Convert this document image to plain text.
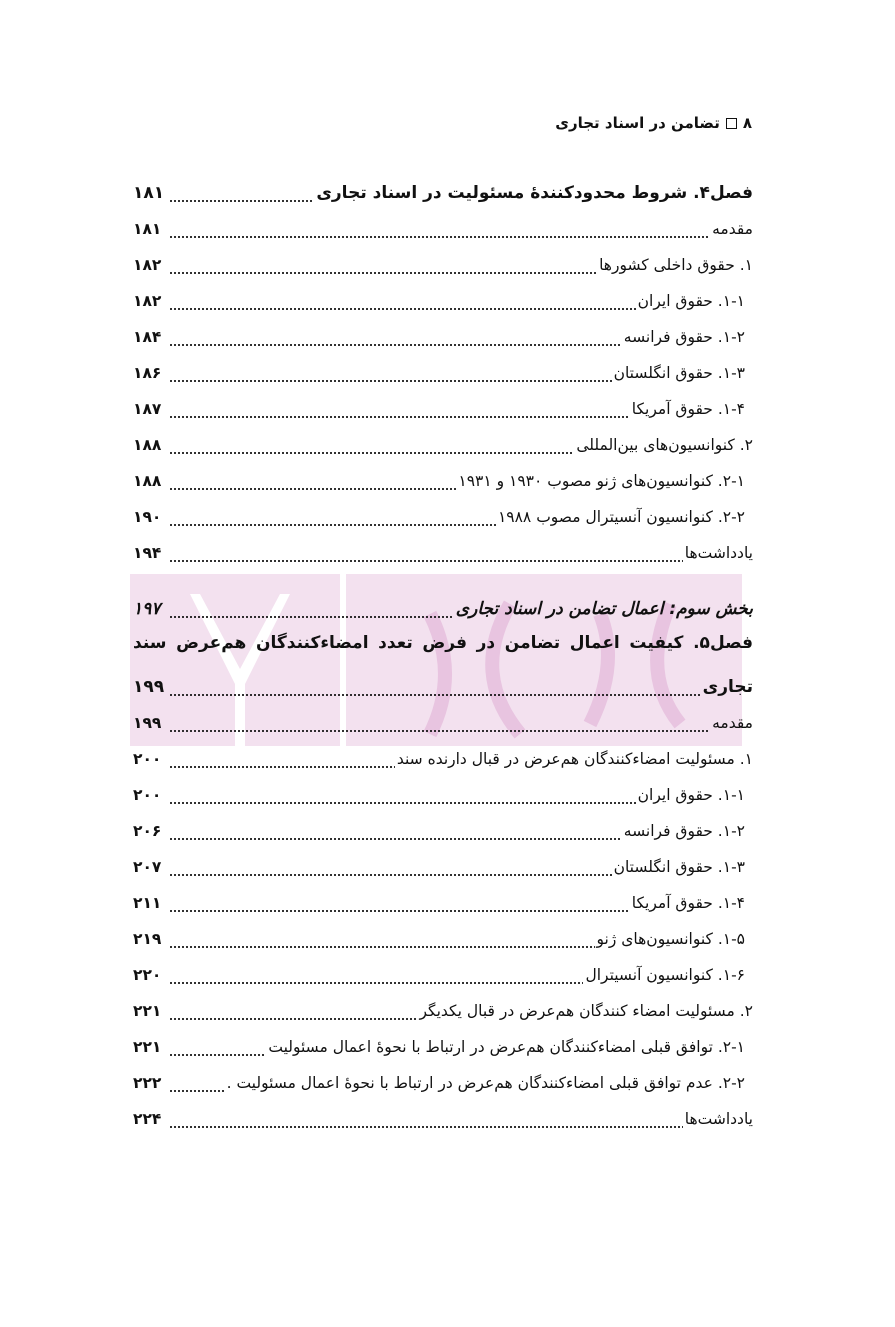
۸
تضامن در اسناد تجاری
فصل۴. شروط محدودکنندهٔ مسئولیت در اسناد تجاری
۱۸۱
مقدمه
۱۸۱
۱. حقوق داخلی کشورها
۱۸۲
۱-۱. حقوق ایران
۱۸۲
۱-۲. حقوق فرانسه
۱۸۴
۱-۳. حقوق انگلستان
۱۸۶
۱-۴. حقوق آمریکا
۱۸۷
۲. کنوانسیون‌های بین‌المللی
۱۸۸
۲-۱. کنوانسیون‌های ژنو مصوب ۱۹۳۰ و ۱۹۳۱
۱۸۸
۲-۲. کنوانسیون آنسیترال مصوب ۱۹۸۸
۱۹۰
یادداشت‌ها
۱۹۴
بخش سوم: اعمال تضامن در اسناد تجاری
۱۹۷
فصل۵. کیفیت اعمال تضامن در فرض تعدد امضاءکنندگان هم‌عرض سند
تجاری
۱۹۹
مقدمه
۱۹۹
۱. مسئولیت امضاءکنندگان هم‌عرض در قبال دارنده سند
۲۰۰
۱-۱. حقوق ایران
۲۰۰
۱-۲. حقوق فرانسه
۲۰۶
۱-۳. حقوق انگلستان
۲۰۷
۱-۴. حقوق آمریکا
۲۱۱
۱-۵. کنوانسیون‌های ژنو
۲۱۹
۱-۶. کنوانسیون آنسیترال
۲۲۰
۲. مسئولیت امضاء کنندگان هم‌عرض در قبال یکدیگر
۲۲۱
۲-۱. توافق قبلی امضاءکنندگان هم‌عرض در ارتباط با نحوهٔ اعمال مسئولیت
۲۲۱
۲-۲. عدم توافق قبلی امضاءکنندگان هم‌عرض در ارتباط با نحوهٔ اعمال مسئولیت .
۲۲۲
یادداشت‌ها
۲۲۴
